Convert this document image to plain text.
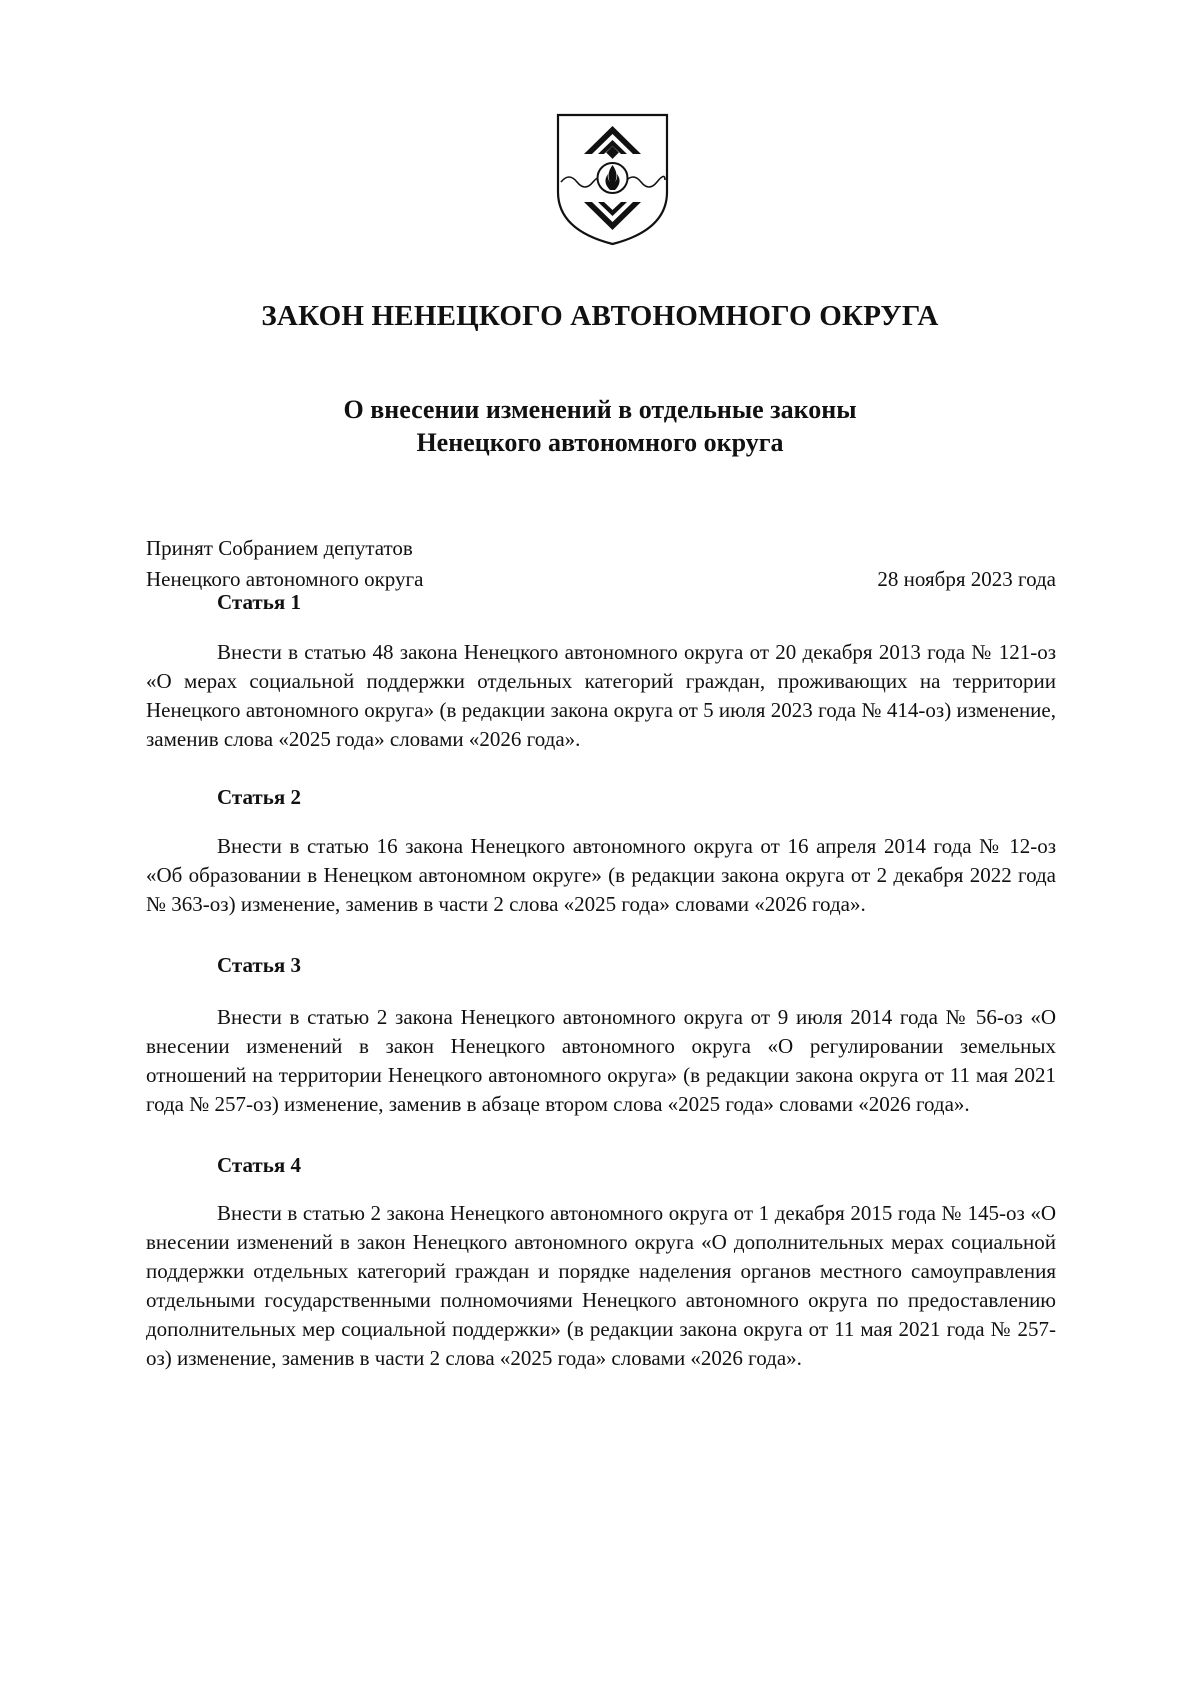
ЗАКОН НЕНЕЦКОГО АВТОНОМНОГО ОКРУГА
О внесении изменений в отдельные законы
Ненецкого автономного округа
Принят Собранием депутатов
Ненецкого автономного округа	28 ноября 2023 года
Статья 1

Внести в статью 48 закона Ненецкого автономного округа от 20 декабря 2013 года № 121-оз «О мерах социальной поддержки отдельных категорий граждан, проживающих на территории Ненецкого автономного округа» (в редакции закона округа от 5 июля 2023 года № 414-оз) изменение, заменив слова «2025 года» словами «2026 года».

Статья 2

Внести в статью 16 закона Ненецкого автономного округа от 16 апреля 2014 года № 12-оз «Об образовании в Ненецком автономном округе» (в редакции закона округа от 2 декабря 2022 года № 363-оз) изменение, заменив в части 2 слова «2025 года» словами «2026 года».

Статья 3

Внести в статью 2 закона Ненецкого автономного округа от 9 июля 2014 года № 56-оз «О внесении изменений в закон Ненецкого автономного округа «О регулировании земельных отношений на территории Ненецкого автономного округа» (в редакции закона округа от 11 мая 2021 года № 257-оз) изменение, заменив в абзаце втором слова «2025 года» словами «2026 года».

Статья 4

Внести в статью 2 закона Ненецкого автономного округа от 1 декабря 2015 года № 145-оз «О внесении изменений в закон Ненецкого автономного округа «О дополнительных мерах социальной поддержки отдельных категорий граждан и порядке наделения органов местного самоуправления отдельными государственными полномочиями Ненецкого автономного округа по предоставлению дополнительных мер социальной поддержки» (в редакции закона округа от 11 мая 2021 года № 257-оз) изменение, заменив в части 2 слова «2025 года» словами «2026 года».
